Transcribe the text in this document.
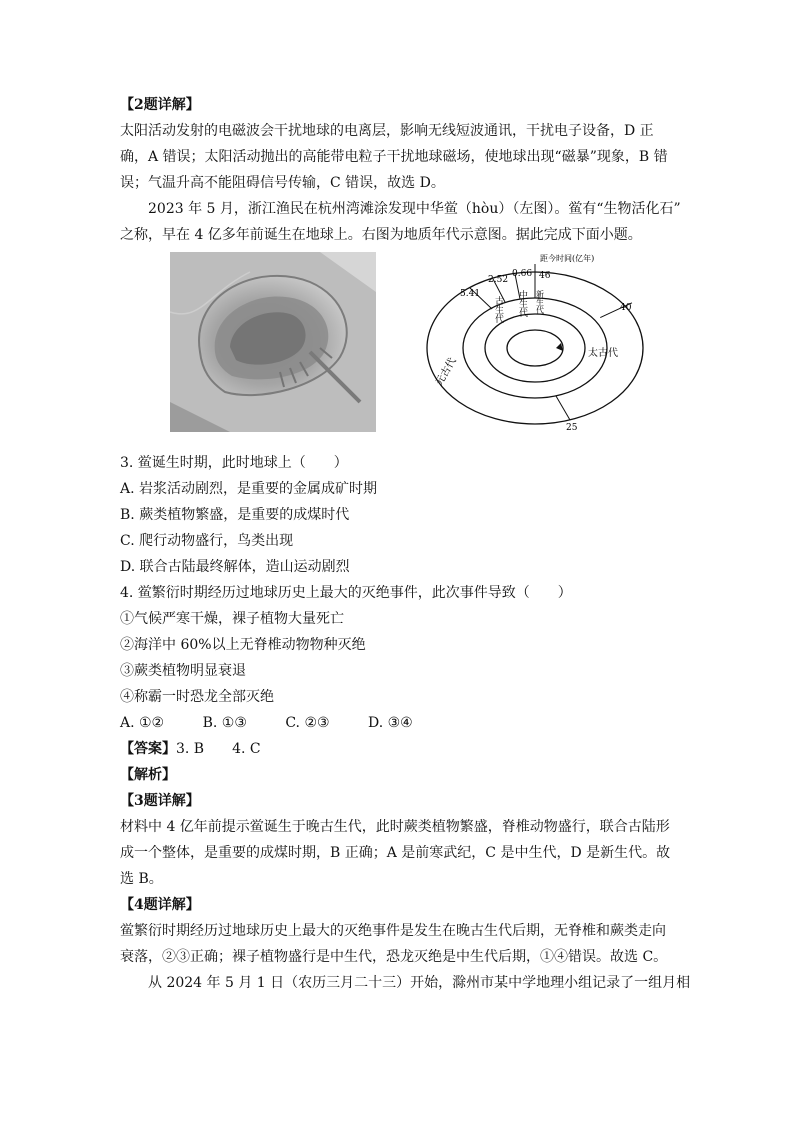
【2题详解】
太阳活动发射的电磁波会干扰地球的电离层，影响无线短波通讯，干扰电子设备，D 正
确，A 错误；太阳活动抛出的高能带电粒子干扰地球磁场，使地球出现“磁暴”现象，B 错
误；气温升高不能阻碍信号传输，C 错误，故选 D。
2023 年 5 月，浙江渔民在杭州湾滩涂发现中华鲎（hòu）（左图）。鲎有“生物活化石”
之称，早在 4 亿多年前诞生在地球上。右图为地质年代示意图。据此完成下面小题。
距今时间(亿年)
5.41
2.52
0.66 46
40
25
古生代 中生代 新生代
元古代
太古代
3. 鲎诞生时期，此时地球上（　　）
A. 岩浆活动剧烈，是重要的金属成矿时期
B. 蕨类植物繁盛，是重要的成煤时代
C. 爬行动物盛行，鸟类出现
D. 联合古陆最终解体，造山运动剧烈
4. 鲎繁衍时期经历过地球历史上最大的灭绝事件，此次事件导致（　　）
①气候严寒干燥，裸子植物大量死亡
②海洋中 60%以上无脊椎动物物种灭绝
③蕨类植物明显衰退
④称霸一时恐龙全部灭绝
A. ①②	B. ①③	C. ②③	D. ③④
【答案】3. B　　4. C
【解析】
【3题详解】
材料中 4 亿年前提示鲎诞生于晚古生代，此时蕨类植物繁盛，脊椎动物盛行，联合古陆形
成一个整体，是重要的成煤时期，B 正确；A 是前寒武纪，C 是中生代，D 是新生代。故
选 B。
【4题详解】
鲎繁衍时期经历过地球历史上最大的灭绝事件是发生在晚古生代后期，无脊椎和蕨类走向
衰落，②③正确；裸子植物盛行是中生代，恐龙灭绝是中生代后期，①④错误。故选 C。
从 2024 年 5 月 1 日（农历三月二十三）开始，滁州市某中学地理小组记录了一组月相
